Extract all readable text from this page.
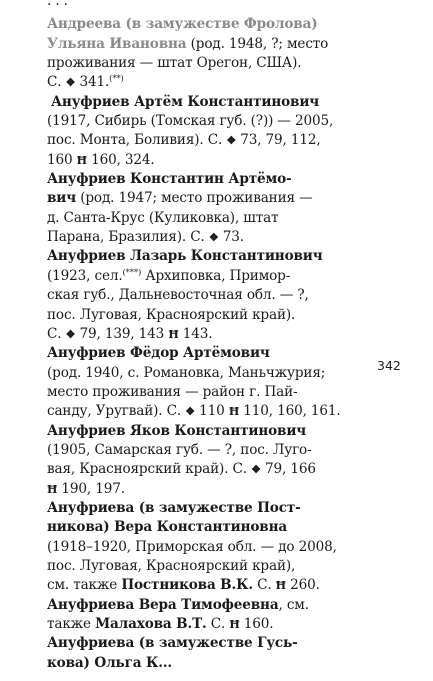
· · ·
Андреева (в замужестве Фролова)
Ульяна Ивановна (род. 1948, ?; место
проживания — штат Орегон, США).
С. ❖ 341.(**)
Ануфриев Артём Константинович
(1917, Сибирь (Томская губ. (?)) — 2005,
пос. Монта, Боливия). С. ❖ 73, 79, 112,
160 Ħ 160, 324.
Ануфриев Константин Артёмо-
вич (род. 1947; место проживания —
д. Санта-Крус (Куликовка), штат
Парана, Бразилия). С. ❖ 73.
Ануфриев Лазарь Константинович
(1923, сел.(***) Архиповка, Примор-
ская губ., Дальневосточная обл. — ?,
пос. Луговая, Красноярский край).
С. ❖ 79, 139, 143 Ħ 143.
Ануфриев Фёдор Артёмович
(род. 1940, с. Романовка, Маньчжурия;
место проживания — район г. Пай-
санду, Уругвай). С. ❖ 110 Ħ 110, 160, 161.
Ануфриев Яков Константинович
(1905, Самарская губ. — ?, пос. Луго-
вая, Красноярский край). С. ❖ 79, 166
Ħ 190, 197.
Ануфриева (в замужестве Пост-
никова) Вера Константиновна
(1918–1920, Приморская обл. — до 2008,
пос. Луговая, Красноярский край),
см. также Постникова В.К. С. Ħ 260.
Ануфриева Вера Тимофеевна, см.
также Малахова В.Т. С. Ħ 160.
Ануфриева (в замужестве Гусь-
кова) Ольга К...
342
